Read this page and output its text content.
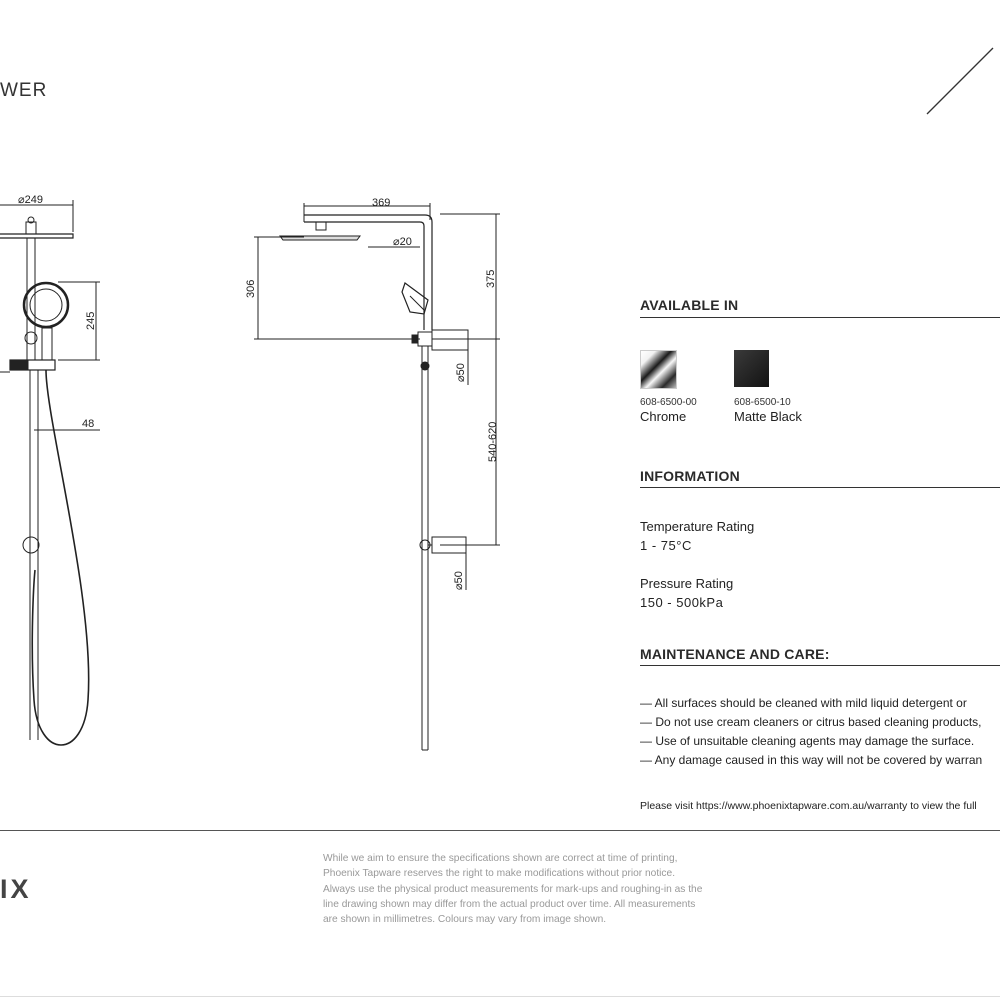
WER
⌀249	369
⌀20
306
375
245
48
⌀50
540-620
⌀50
AVAILABLE IN
608-6500-00
Chrome
608-6500-10
Matte Black
INFORMATION
Temperature Rating
1 - 75°C
Pressure Rating
150 - 500kPa
MAINTENANCE AND CARE:
— All surfaces should be cleaned with mild liquid detergent or
— Do not use cream cleaners or citrus based cleaning products,
— Use of unsuitable cleaning agents may damage the surface.
— Any damage caused in this way will not be covered by warran
Please visit https://www.phoenixtapware.com.au/warranty to view the full
IX
While we aim to ensure the specifications shown are correct at time of printing,
Phoenix Tapware reserves the right to make modifications without prior notice.
Always use the physical product measurements for mark-ups and roughing-in as the
line drawing shown may differ from the actual product over time. All measurements
are shown in millimetres. Colours may vary from image shown.
